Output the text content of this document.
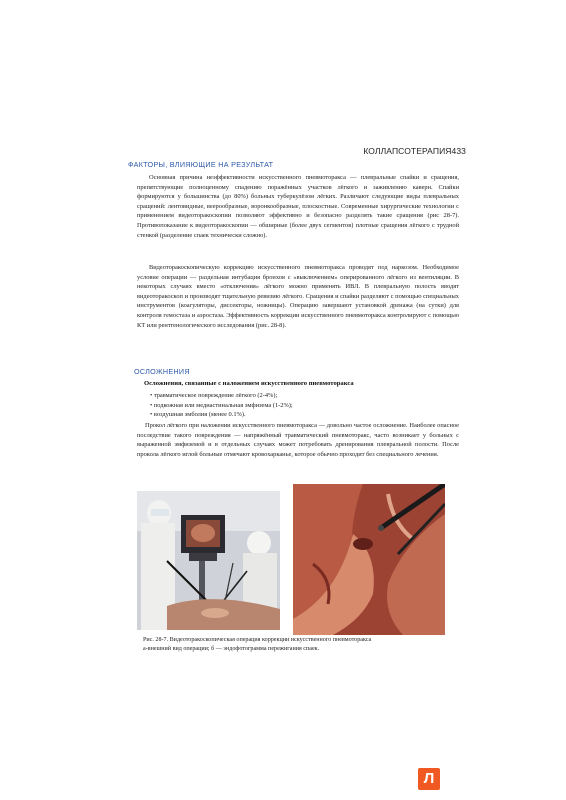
КОЛЛАПСОТЕРАПИЯ433
ФАКТОРЫ, ВЛИЯЮЩИЕ НА РЕЗУЛЬТАТ
Основная причина неэффективности искусственного пневмоторакса — плевральные спайки и сращения, препятствующие полноценному спадению поражённых участков лёгкого и заживлению каверн. Спайки формируются у большинства (до 80%) больных туберкулёзом лёгких. Различают следующие виды плевральных сращений: лентовидные, веерообразные, воронкообразные, плоскостные. Современные хирургические технологии с применением видеоторакоскопии позволяют эффективно и безопасно разделять такие сращения (рис 28-7). Противопоказание к видеоторакоскопии — обширные (более двух сегментов) плотные сращения лёгкого с трудной стенкой (разделение спаек технически сложно).
Видеоторакоскопическую коррекцию искусственного пневмоторакса проводят под наркозом. Необходимое условие операции — раздельная интубация бронхов с «выключением» оперированного лёгкого из вентиляции. В некоторых случаях вместо «отключения» лёгкого можно применять ИВЛ. В плевральную полость вводят видеоторакоскоп и производят тщательную ревизию лёгкого. Сращения и спайки разделяют с помощью специальных инструментов (коагуляторы, диссекторы, ножницы). Операцию завершают установкой дренажа (на сутки) для контроля гемостаза и аэростаза. Эффективность коррекции искусственного пневмоторакса контролируют с помощью КТ или рентгенологического исследования (рис. 28-8).
ОСЛОЖНЕНИЯ
Осложнения, связанные с наложением искусственного пневмоторакса
• травматическое повреждение лёгкого (2-4%);
• подкожная или медиастинальная эмфизема (1-2%);
• воздушная эмболия (менее 0.1%).
Прокол лёгкого при наложении искусственного пневмоторакса — довольно частое осложнение. Наиболее опасное последствие такого повреждения — напряжённый травматический пневмоторакс, часто возникает у больных с выраженной эмфиземой и в отдельных случаях может потребовать дренирования плевральной полости. После прокола лёгкого иглой больные отмечают кровохарканье, которое обычно проходит без специального лечения.
Рис. 28-7. Видеоторакоскопическая операция коррекции искусственного пневмоторакса
а-внешний вид операции; б — эндофотограмма пережигания спаек.
Л
